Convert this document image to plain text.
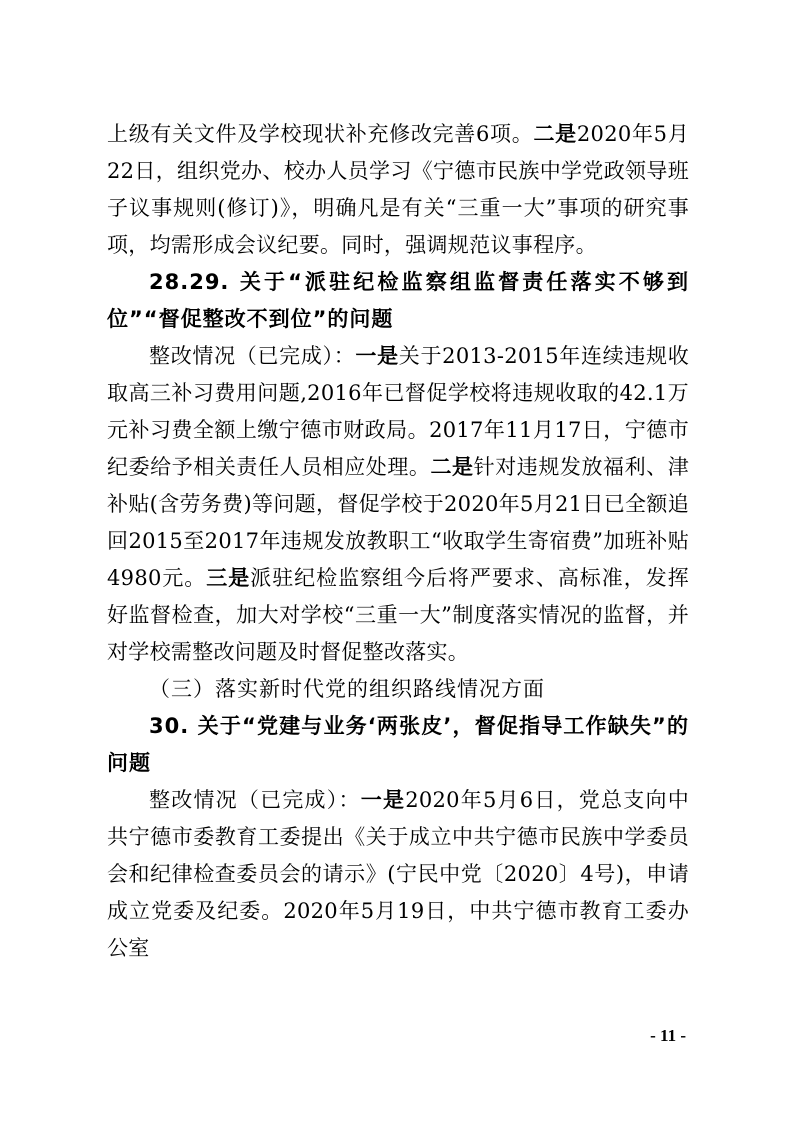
上级有关文件及学校现状补充修改完善6项。二是2020年5月22日，组织党办、校办人员学习《宁德市民族中学党政领导班子议事规则(修订)》，明确凡是有关“三重一大”事项的研究事项，均需形成会议纪要。同时，强调规范议事程序。

28.29. 关于“派驻纪检监察组监督责任落实不够到位”“督促整改不到位”的问题

整改情况（已完成）：一是关于2013-2015年连续违规收取高三补习费用问题,2016年已督促学校将违规收取的42.1万元补习费全额上缴宁德市财政局。2017年11月17日，宁德市纪委给予相关责任人员相应处理。二是针对违规发放福利、津补贴(含劳务费)等问题，督促学校于2020年5月21日已全额追回2015至2017年违规发放教职工“收取学生寄宿费”加班补贴4980元。三是派驻纪检监察组今后将严要求、高标准，发挥好监督检查，加大对学校“三重一大”制度落实情况的监督，并对学校需整改问题及时督促整改落实。

（三）落实新时代党的组织路线情况方面

30. 关于“党建与业务‘两张皮’，督促指导工作缺失”的问题

整改情况（已完成）：一是2020年5月6日，党总支向中共宁德市委教育工委提出《关于成立中共宁德市民族中学委员会和纪律检查委员会的请示》(宁民中党〔2020〕4号)，申请成立党委及纪委。2020年5月19日，中共宁德市教育工委办公室

- 11 -
